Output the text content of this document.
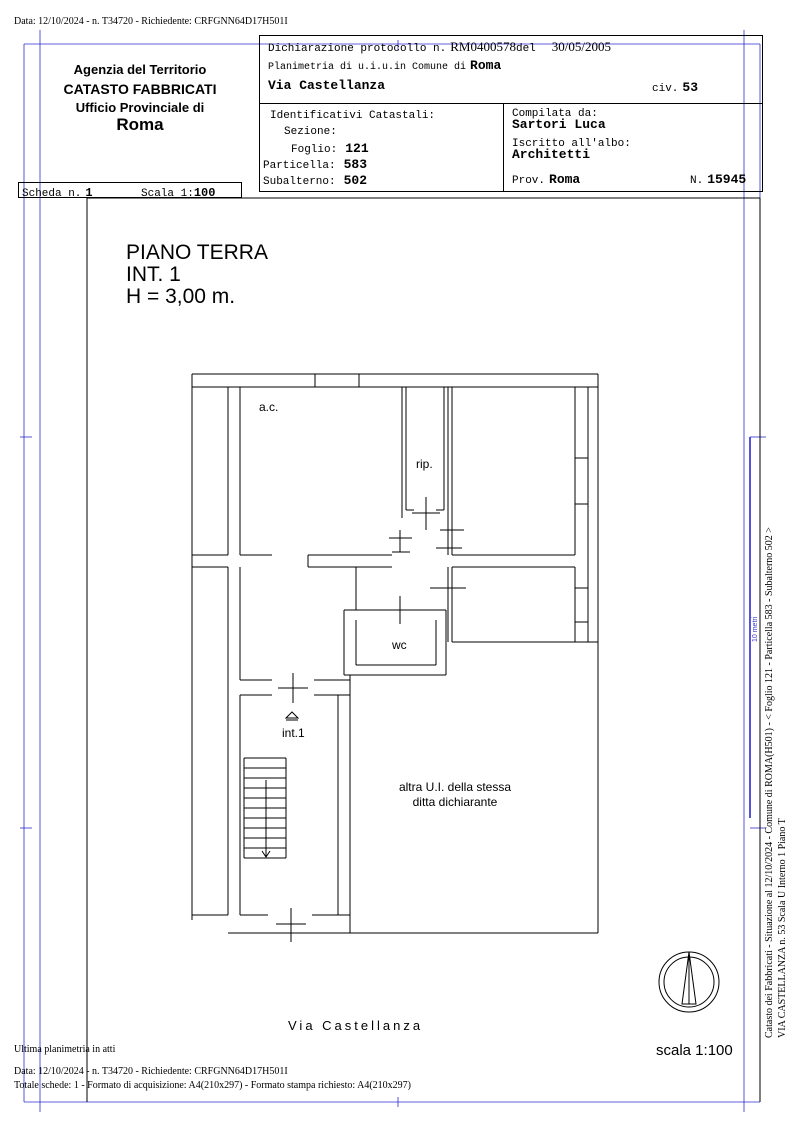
Data: 12/10/2024 - n. T34720 - Richiedente: CRFGNN64D17H501I
Agenzia del Territorio
CATASTO FABBRICATI
Ufficio Provinciale di
Roma
Scheda n. 1	Scala 1:100
Dichiarazione protocollo n. RM0400578del 30/05/2005
Planimetria di u.i.u.in Comune di Roma
Via Castellanza	civ. 53
Identificativi Catastali:
Sezione:
Foglio: 121
Particella: 583
Subalterno: 502
Compilata da:
Sartori Luca
Iscritto all'albo:
Architetti
Prov. Roma	N. 15945
PIANO TERRA
INT. 1
H = 3,00 m.
a.c.
rip.
wc
int.1
altra U.I. della stessa
ditta dichiarante
Via Castellanza
scala 1:100
10 metri
Ultima planimetria in atti
Data: 12/10/2024 - n. T34720 - Richiedente: CRFGNN64D17H501I
Totale schede: 1 - Formato di acquisizione: A4(210x297) - Formato stampa richiesto: A4(210x297)
Catasto dei Fabbricati - Situazione al 12/10/2024 - Comune di ROMA(H501) - < Foglio 121 - Particella 583 - Subalterno 502 > VIA CASTELLANZA n. 53 Scala U Interno 1 Piano T
